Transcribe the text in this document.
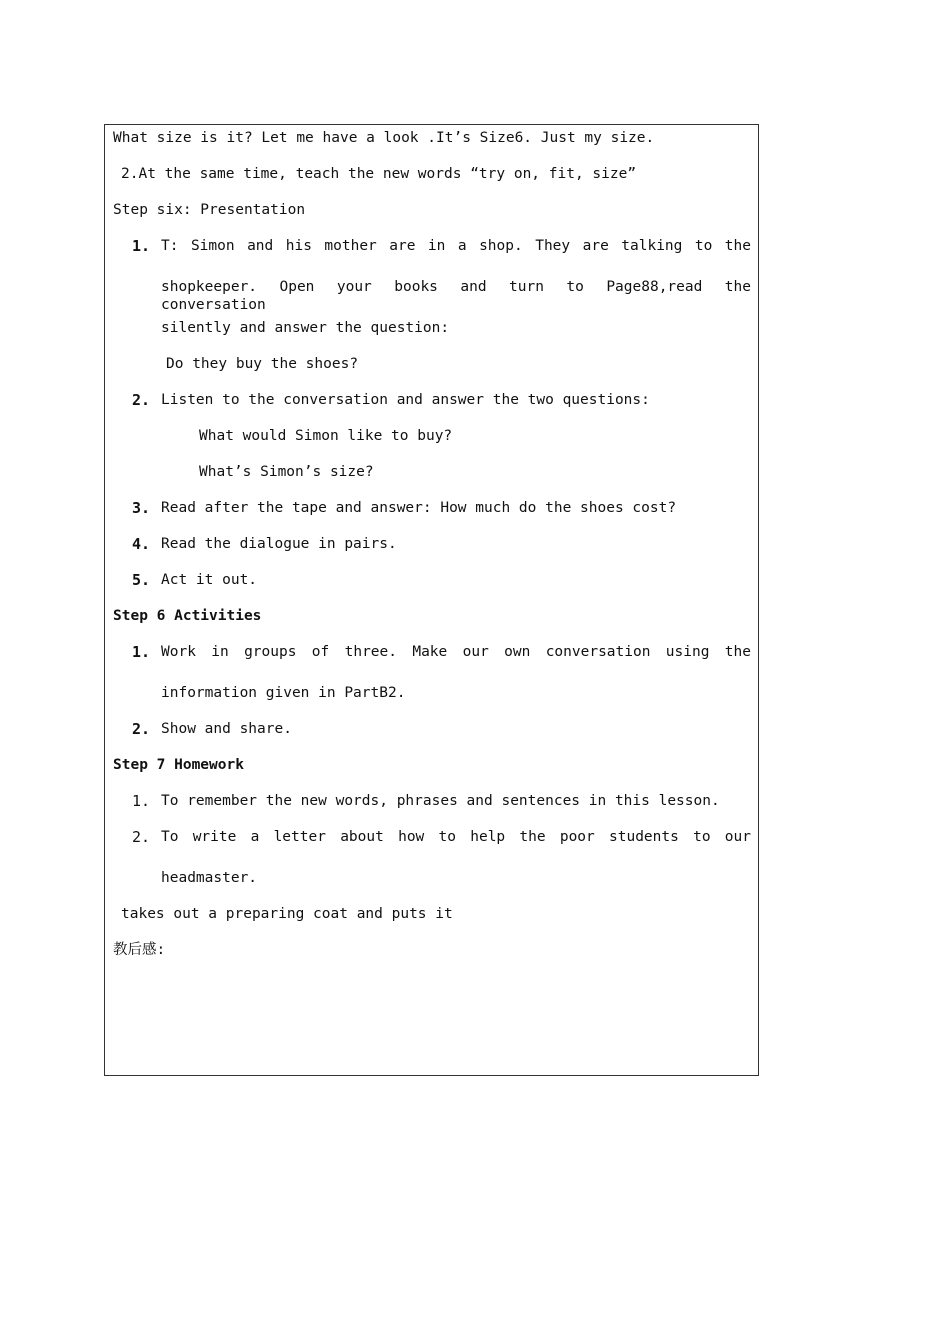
What size is it? Let me have a look .It’s Size6. Just my size.
2.At the same time, teach the new words “try on, fit, size”
Step six: Presentation
1. T: Simon and his mother are in a shop. They are talking to the
shopkeeper. Open your books and turn to Page88,read the conversation
silently and answer the question:
Do they buy the shoes?
2. Listen to the conversation and answer the two questions:
What would Simon like to buy?
What’s Simon’s size?
3. Read after the tape and answer: How much do the shoes cost?
4. Read the dialogue in pairs.
5. Act it out.
Step 6 Activities
1. Work in groups of three. Make our own conversation using the
information given in PartB2.
2. Show and share.
Step 7 Homework
1. To remember the new words, phrases and sentences in this lesson.
2. To write a letter about how to help the poor students to our
headmaster.
takes out a preparing coat and puts it
教后感:
